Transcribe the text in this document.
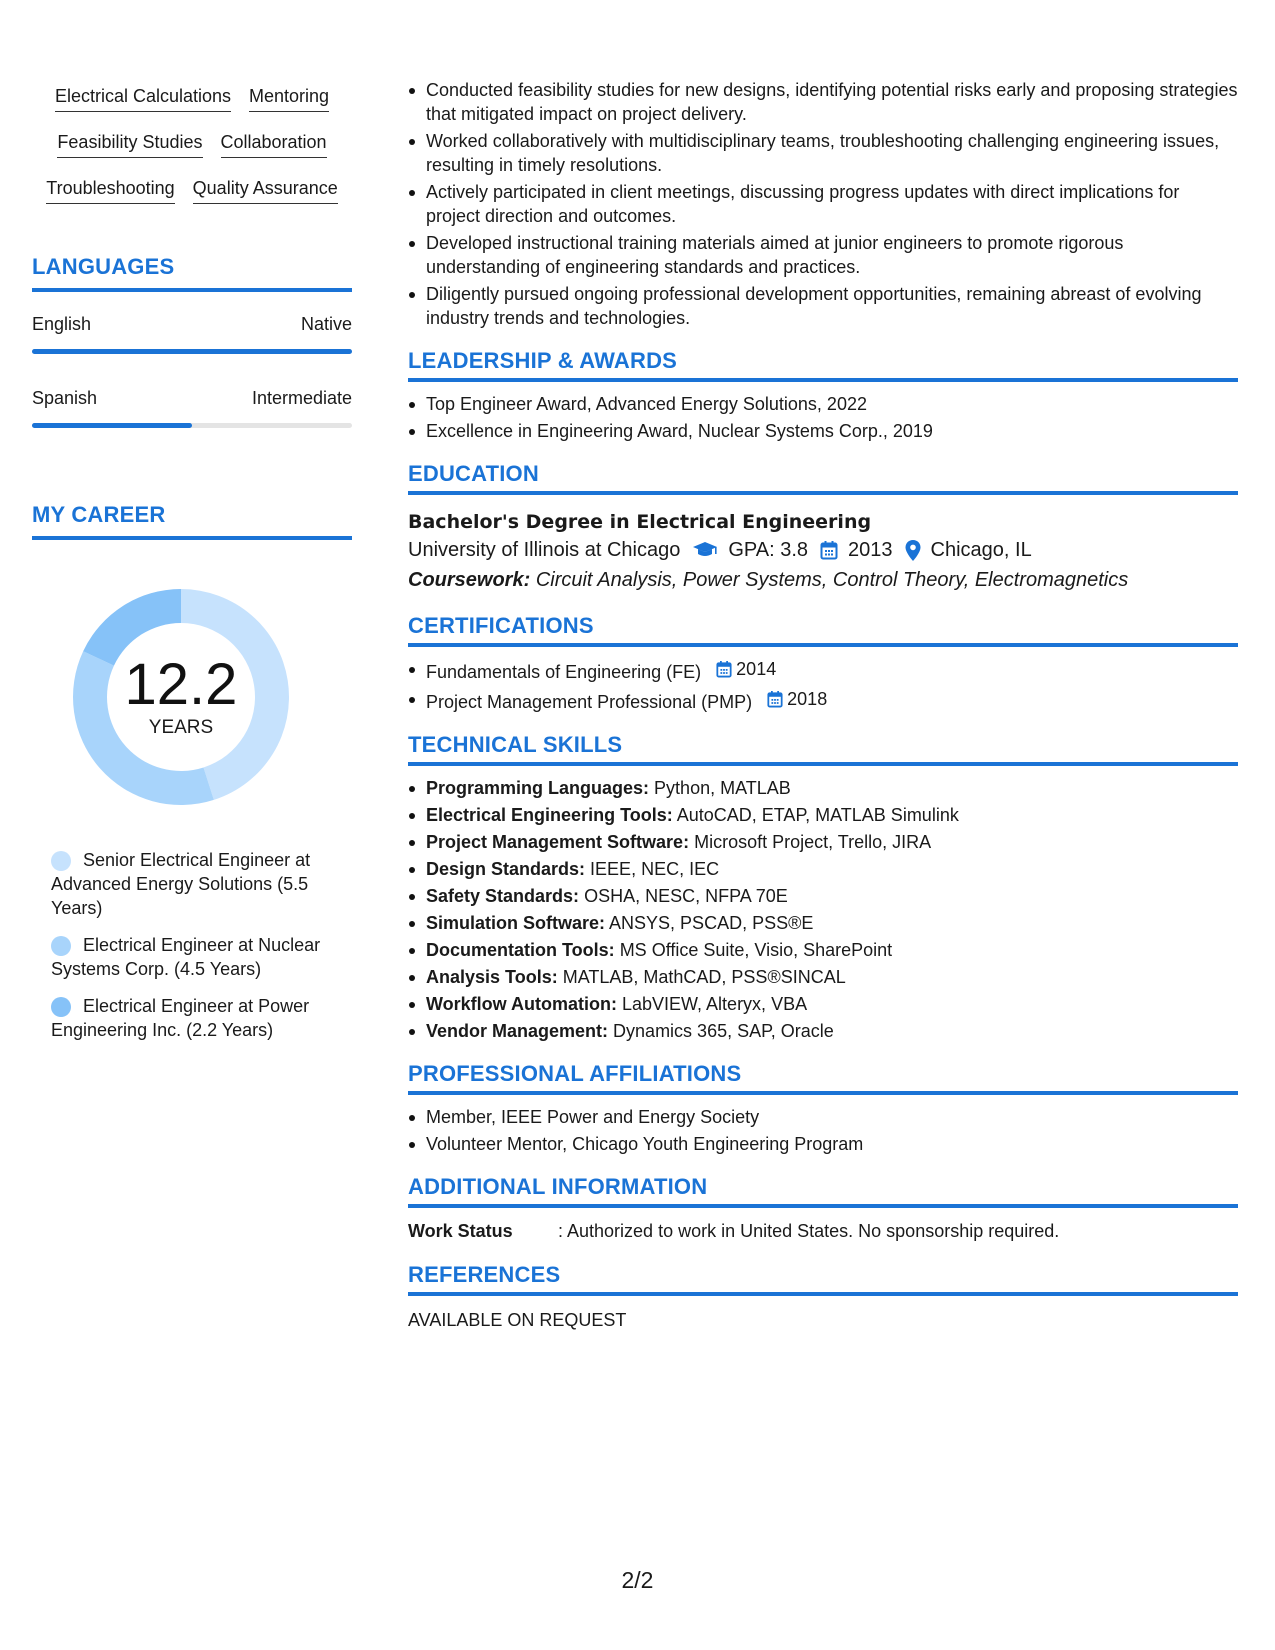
Electrical Calculations Mentoring
Feasibility Studies Collaboration
Troubleshooting Quality Assurance
LANGUAGES
English	Native
Spanish	Intermediate
MY CAREER
12.2
YEARS
Senior Electrical Engineer at Advanced Energy Solutions (5.5 Years)
Electrical Engineer at Nuclear Systems Corp. (4.5 Years)
Electrical Engineer at Power Engineering Inc. (2.2 Years)
Conducted feasibility studies for new designs, identifying potential risks early and proposing strategies that mitigated impact on project delivery.
Worked collaboratively with multidisciplinary teams, troubleshooting challenging engineering issues, resulting in timely resolutions.
Actively participated in client meetings, discussing progress updates with direct implications for project direction and outcomes.
Developed instructional training materials aimed at junior engineers to promote rigorous understanding of engineering standards and practices.
Diligently pursued ongoing professional development opportunities, remaining abreast of evolving industry trends and technologies.
LEADERSHIP & AWARDS
Top Engineer Award, Advanced Energy Solutions, 2022
Excellence in Engineering Award, Nuclear Systems Corp., 2019
EDUCATION
Bachelor's Degree in Electrical Engineering
University of Illinois at Chicago GPA: 3.8 2013 Chicago, IL
Coursework: Circuit Analysis, Power Systems, Control Theory, Electromagnetics
CERTIFICATIONS
Fundamentals of Engineering (FE) 2014
Project Management Professional (PMP) 2018
TECHNICAL SKILLS
Programming Languages: Python, MATLAB
Electrical Engineering Tools: AutoCAD, ETAP, MATLAB Simulink
Project Management Software: Microsoft Project, Trello, JIRA
Design Standards: IEEE, NEC, IEC
Safety Standards: OSHA, NESC, NFPA 70E
Simulation Software: ANSYS, PSCAD, PSS®E
Documentation Tools: MS Office Suite, Visio, SharePoint
Analysis Tools: MATLAB, MathCAD, PSS®SINCAL
Workflow Automation: LabVIEW, Alteryx, VBA
Vendor Management: Dynamics 365, SAP, Oracle
PROFESSIONAL AFFILIATIONS
Member, IEEE Power and Energy Society
Volunteer Mentor, Chicago Youth Engineering Program
ADDITIONAL INFORMATION
Work Status	: Authorized to work in United States. No sponsorship required.
REFERENCES
AVAILABLE ON REQUEST
2/2
